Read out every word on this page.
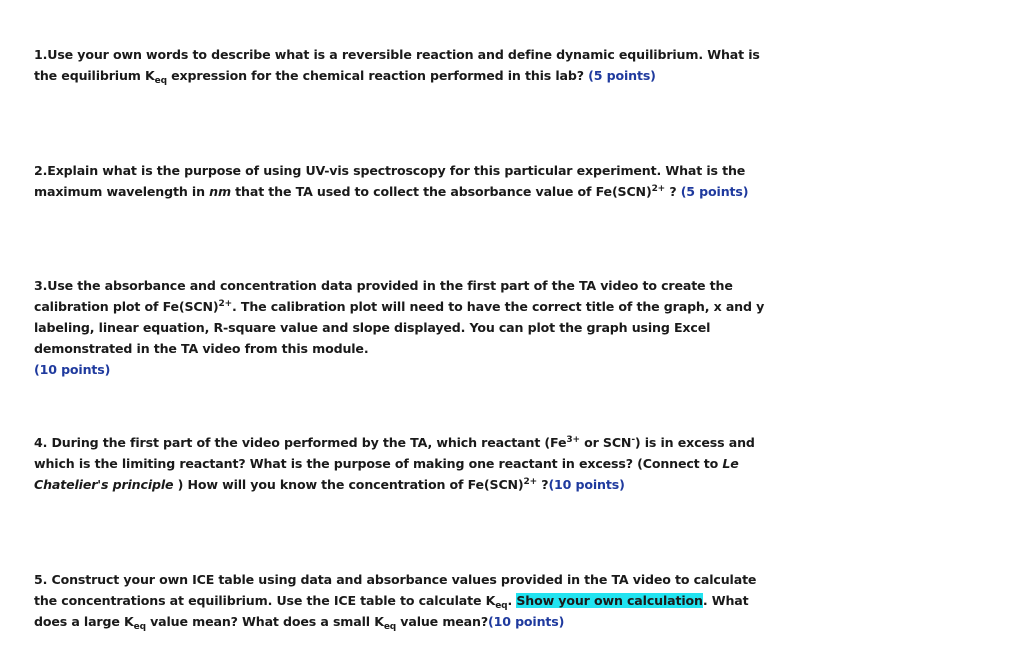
1.Use your own words to describe what is a reversible reaction and define dynamic equilibrium. What is the equilibrium $K_{eq}$ expression for the chemical reaction performed in this lab? (5 points)
2.Explain what is the purpose of using UV-vis spectroscopy for this particular experiment. What is the maximum wavelength in nm that the TA used to collect the absorbance value of Fe(SCN)$^{2+}$ ? (5 points)
3.Use the absorbance and concentration data provided in the first part of the TA video to create the calibration plot of Fe(SCN)$^{2+}$. The calibration plot will need to have the correct title of the graph, x and y labeling, linear equation, R-square value and slope displayed. You can plot the graph using Excel demonstrated in the TA video from this module.
(10 points)
4. During the first part of the video performed by the TA, which reactant ($Fe^{3+}$ or SCN-) is in excess and which is the limiting reactant? What is the purpose of making one reactant in excess? (Connect to Le Chatelier's principle ) How will you know the concentration of Fe(SCN)$^{2+}$ ?(10 points)
5. Construct your own ICE table using data and absorbance values provided in the TA video to calculate the concentrations at equilibrium. Use the ICE table to calculate $K_{eq}$. Show your own calculation. What does a large $K_{eq}$ value mean? What does a small $K_{eq}$ value mean?(10 points)
